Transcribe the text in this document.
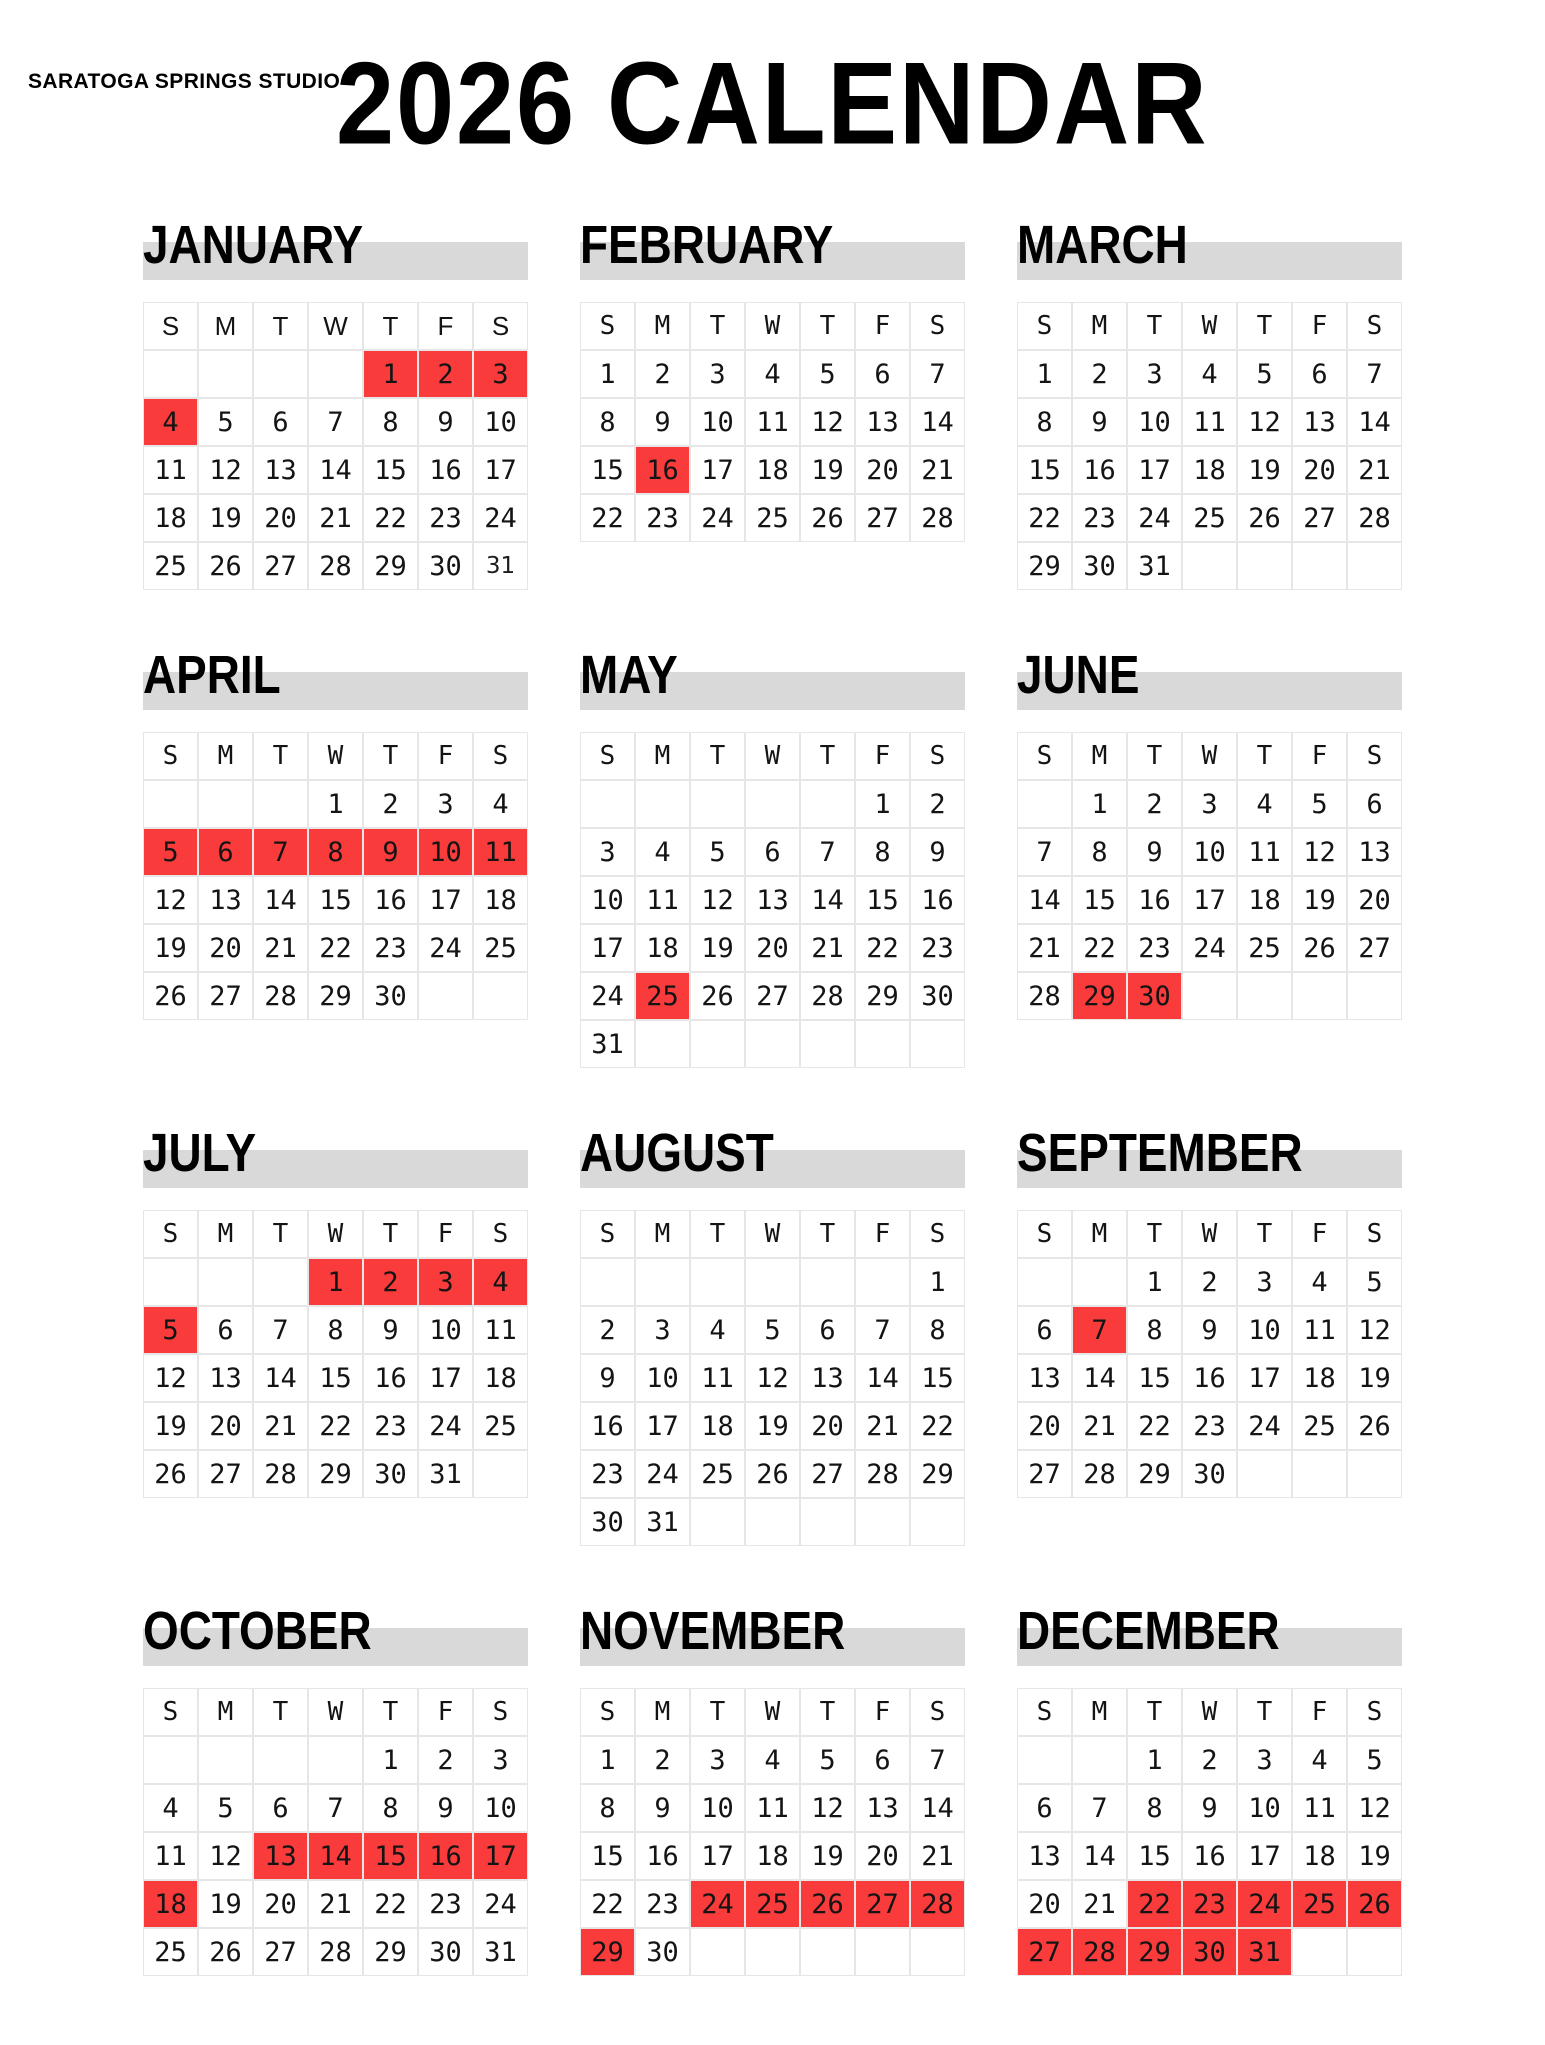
SARATOGA SPRINGS STUDIO
2026 CALENDAR
JANUARY
S	M	T	W	T	F	S
				1	2	3
4	5	6	7	8	9	10
11	12	13	14	15	16	17
18	19	20	21	22	23	24
25	26	27	28	29	30	31
FEBRUARY
S	M	T	W	T	F	S
1	2	3	4	5	6	7
8	9	10	11	12	13	14
15	16	17	18	19	20	21
22	23	24	25	26	27	28
MARCH
S	M	T	W	T	F	S
1	2	3	4	5	6	7
8	9	10	11	12	13	14
15	16	17	18	19	20	21
22	23	24	25	26	27	28
29	30	31				
APRIL
S	M	T	W	T	F	S
			1	2	3	4
5	6	7	8	9	10	11
12	13	14	15	16	17	18
19	20	21	22	23	24	25
26	27	28	29	30		
MAY
S	M	T	W	T	F	S
					1	2
3	4	5	6	7	8	9
10	11	12	13	14	15	16
17	18	19	20	21	22	23
24	25	26	27	28	29	30
31						
JUNE
S	M	T	W	T	F	S
	1	2	3	4	5	6
7	8	9	10	11	12	13
14	15	16	17	18	19	20
21	22	23	24	25	26	27
28	29	30				
JULY
S	M	T	W	T	F	S
			1	2	3	4
5	6	7	8	9	10	11
12	13	14	15	16	17	18
19	20	21	22	23	24	25
26	27	28	29	30	31	
AUGUST
S	M	T	W	T	F	S
						1
2	3	4	5	6	7	8
9	10	11	12	13	14	15
16	17	18	19	20	21	22
23	24	25	26	27	28	29
30	31					
SEPTEMBER
S	M	T	W	T	F	S
		1	2	3	4	5
6	7	8	9	10	11	12
13	14	15	16	17	18	19
20	21	22	23	24	25	26
27	28	29	30			
OCTOBER
S	M	T	W	T	F	S
				1	2	3
4	5	6	7	8	9	10
11	12	13	14	15	16	17
18	19	20	21	22	23	24
25	26	27	28	29	30	31
NOVEMBER
S	M	T	W	T	F	S
1	2	3	4	5	6	7
8	9	10	11	12	13	14
15	16	17	18	19	20	21
22	23	24	25	26	27	28
29	30					
DECEMBER
S	M	T	W	T	F	S
		1	2	3	4	5
6	7	8	9	10	11	12
13	14	15	16	17	18	19
20	21	22	23	24	25	26
27	28	29	30	31		
